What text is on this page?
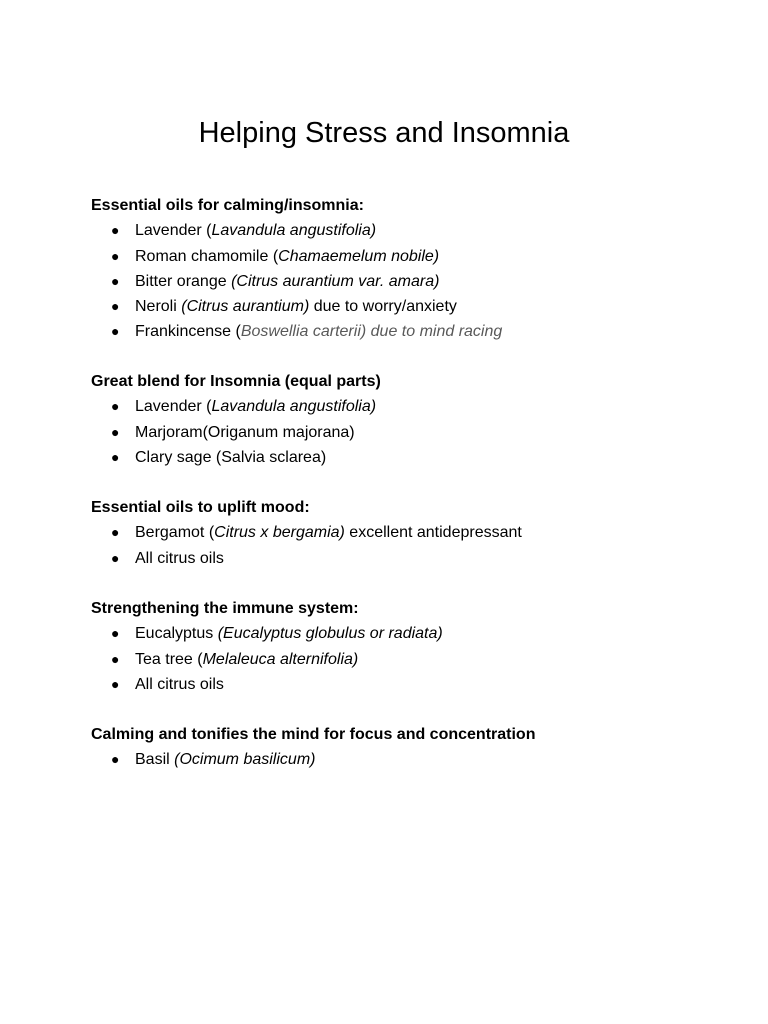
Helping Stress and Insomnia
Essential oils for calming/insomnia:
● Lavender (Lavandula angustifolia)
● Roman chamomile (Chamaemelum nobile)
● Bitter orange (Citrus aurantium var. amara)
● Neroli (Citrus aurantium) due to worry/anxiety
● Frankincense (Boswellia carterii) due to mind racing
Great blend for Insomnia (equal parts)
● Lavender (Lavandula angustifolia)
● Marjoram(Origanum majorana)
● Clary sage (Salvia sclarea)
Essential oils to uplift mood:
● Bergamot (Citrus x bergamia) excellent antidepressant
● All citrus oils
Strengthening the immune system:
● Eucalyptus (Eucalyptus globulus or radiata)
● Tea tree (Melaleuca alternifolia)
● All citrus oils
Calming and tonifies the mind for focus and concentration
● Basil (Ocimum basilicum)
